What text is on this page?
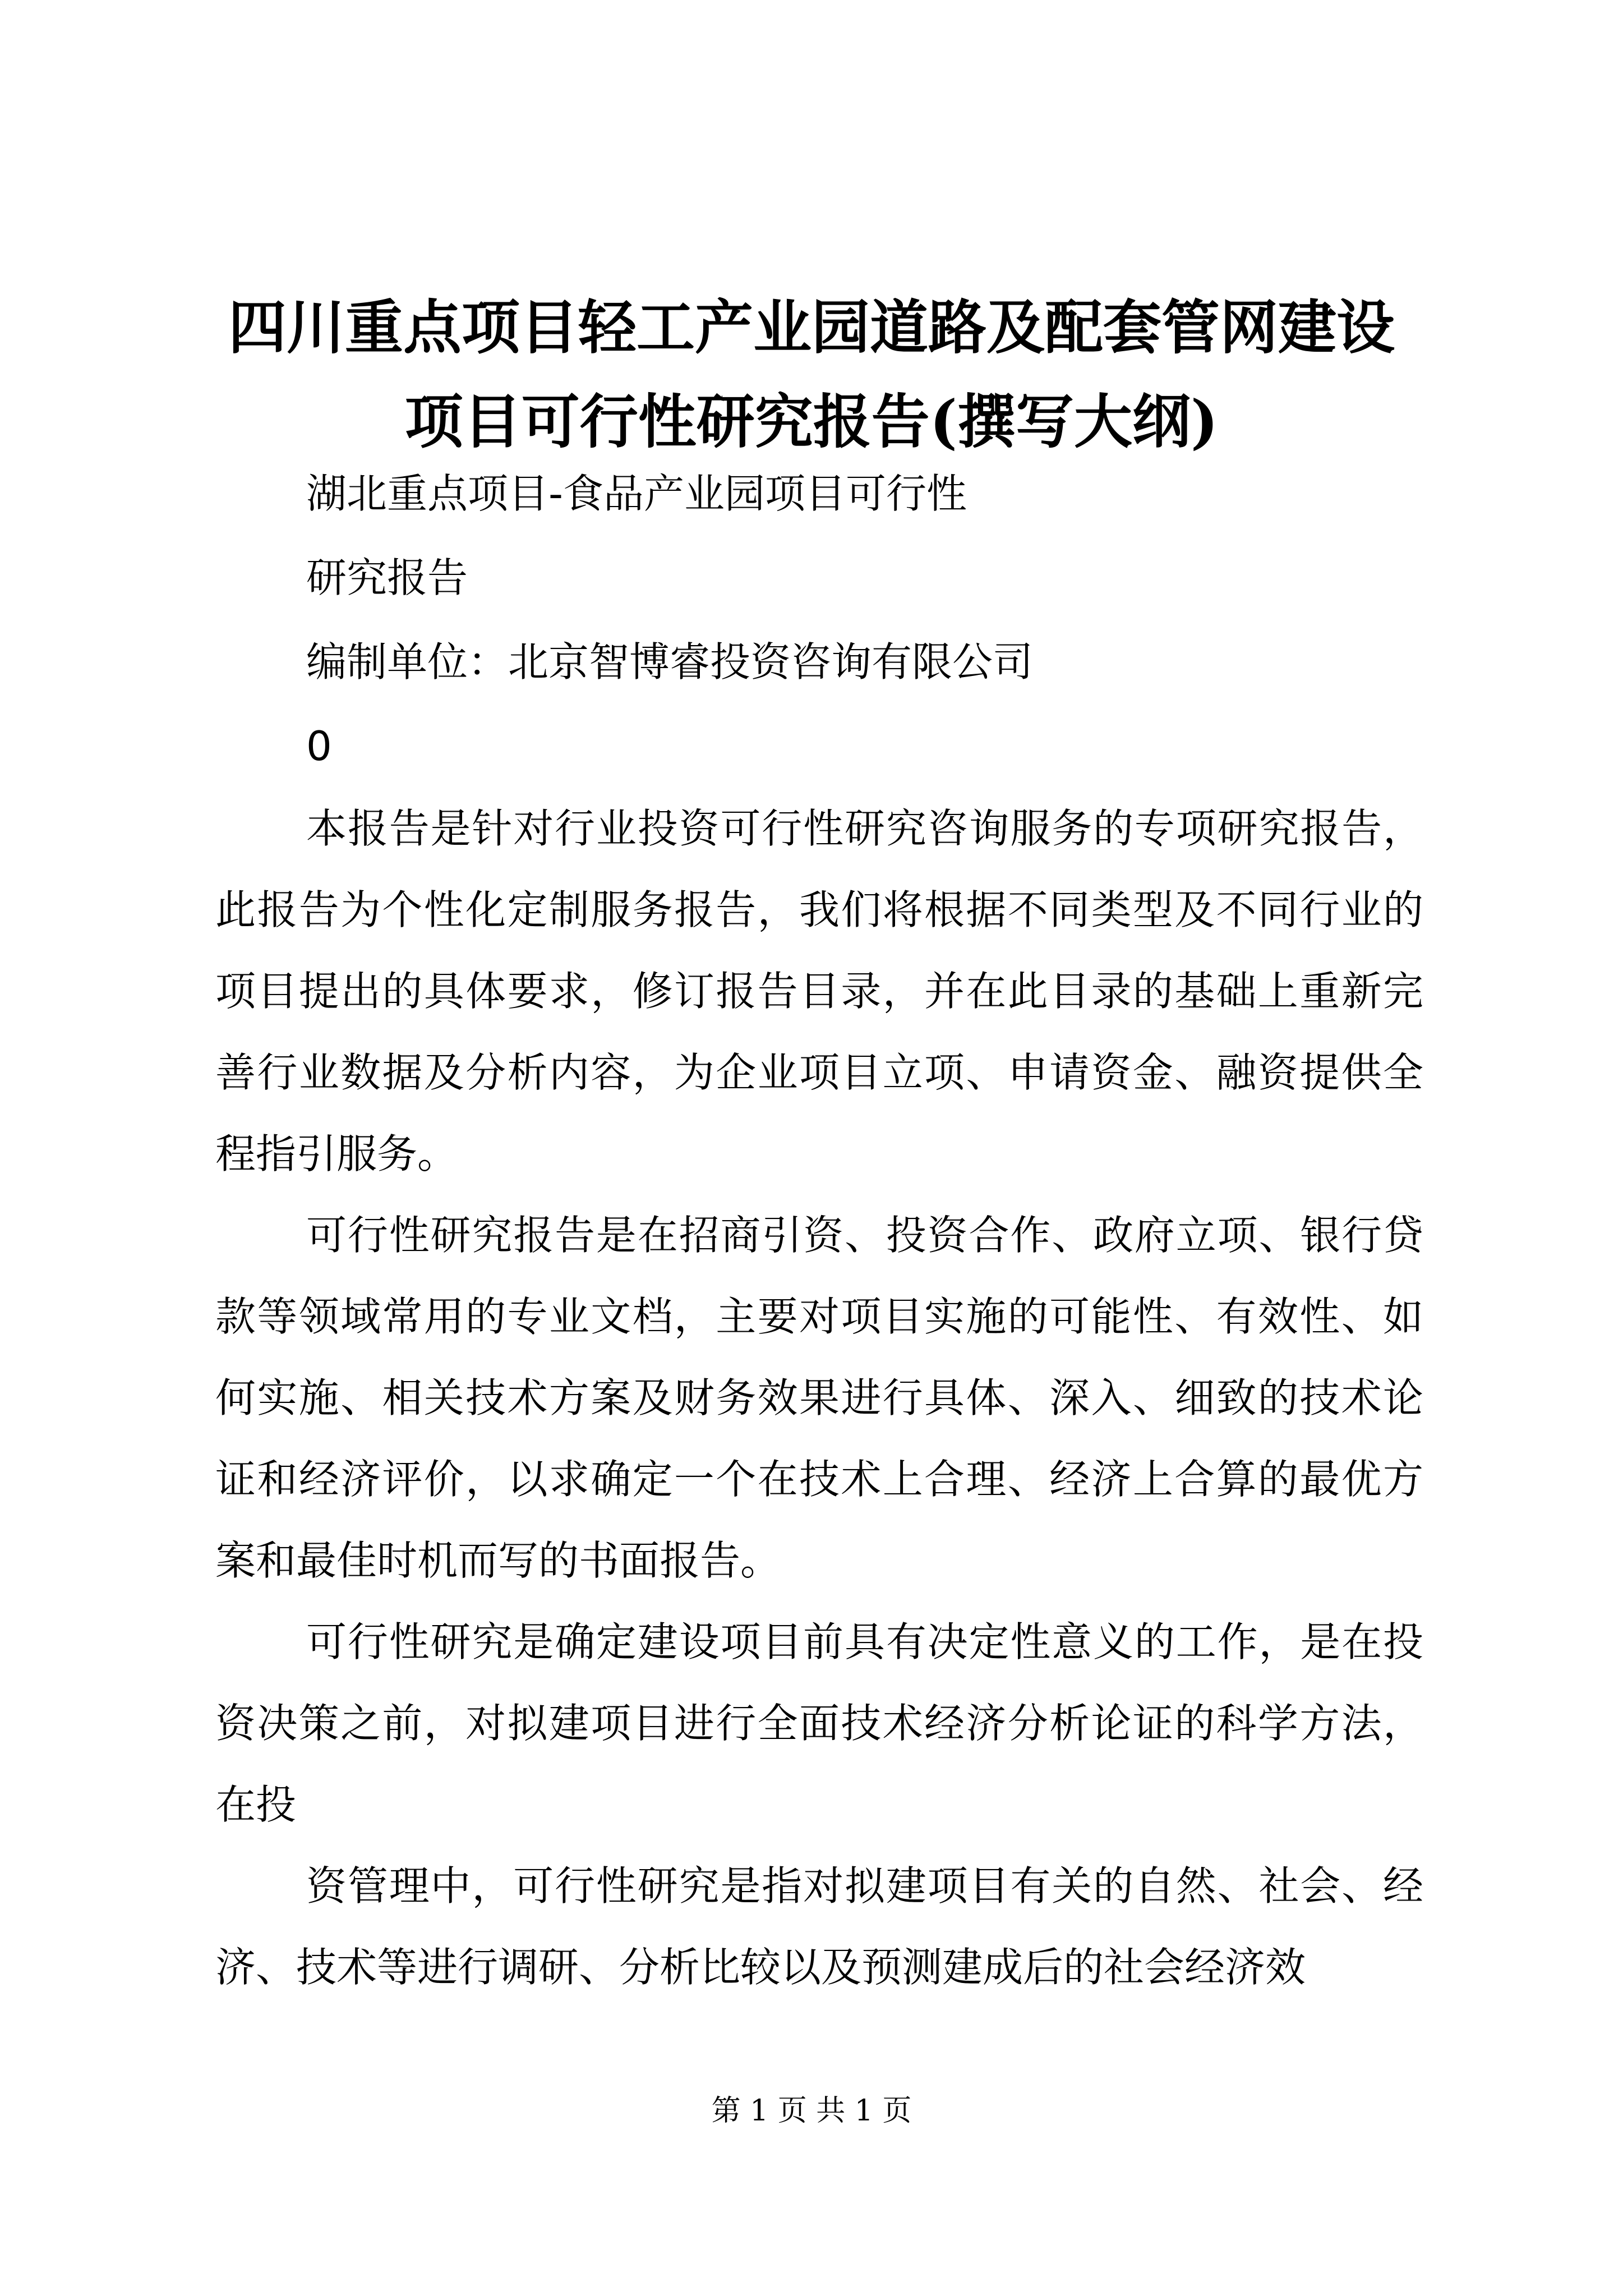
四川重点项目轻工产业园道路及配套管网建设
项目可行性研究报告(撰写大纲)

湖北重点项目-食品产业园项目可行性

研究报告

编制单位：北京智博睿投资咨询有限公司

0

本报告是针对行业投资可行性研究咨询服务的专项研究报告，此报告为个性化定制服务报告，我们将根据不同类型及不同行业的项目提出的具体要求，修订报告目录，并在此目录的基础上重新完善行业数据及分析内容，为企业项目立项、申请资金、融资提供全程指引服务。

可行性研究报告是在招商引资、投资合作、政府立项、银行贷款等领域常用的专业文档，主要对项目实施的可能性、有效性、如何实施、相关技术方案及财务效果进行具体、深入、细致的技术论证和经济评价，以求确定一个在技术上合理、经济上合算的最优方案和最佳时机而写的书面报告。

可行性研究是确定建设项目前具有决定性意义的工作，是在投资决策之前，对拟建项目进行全面技术经济分析论证的科学方法，在投

资管理中，可行性研究是指对拟建项目有关的自然、社会、经济、技术等进行调研、分析比较以及预测建成后的社会经济效

第 1 页 共 1 页
